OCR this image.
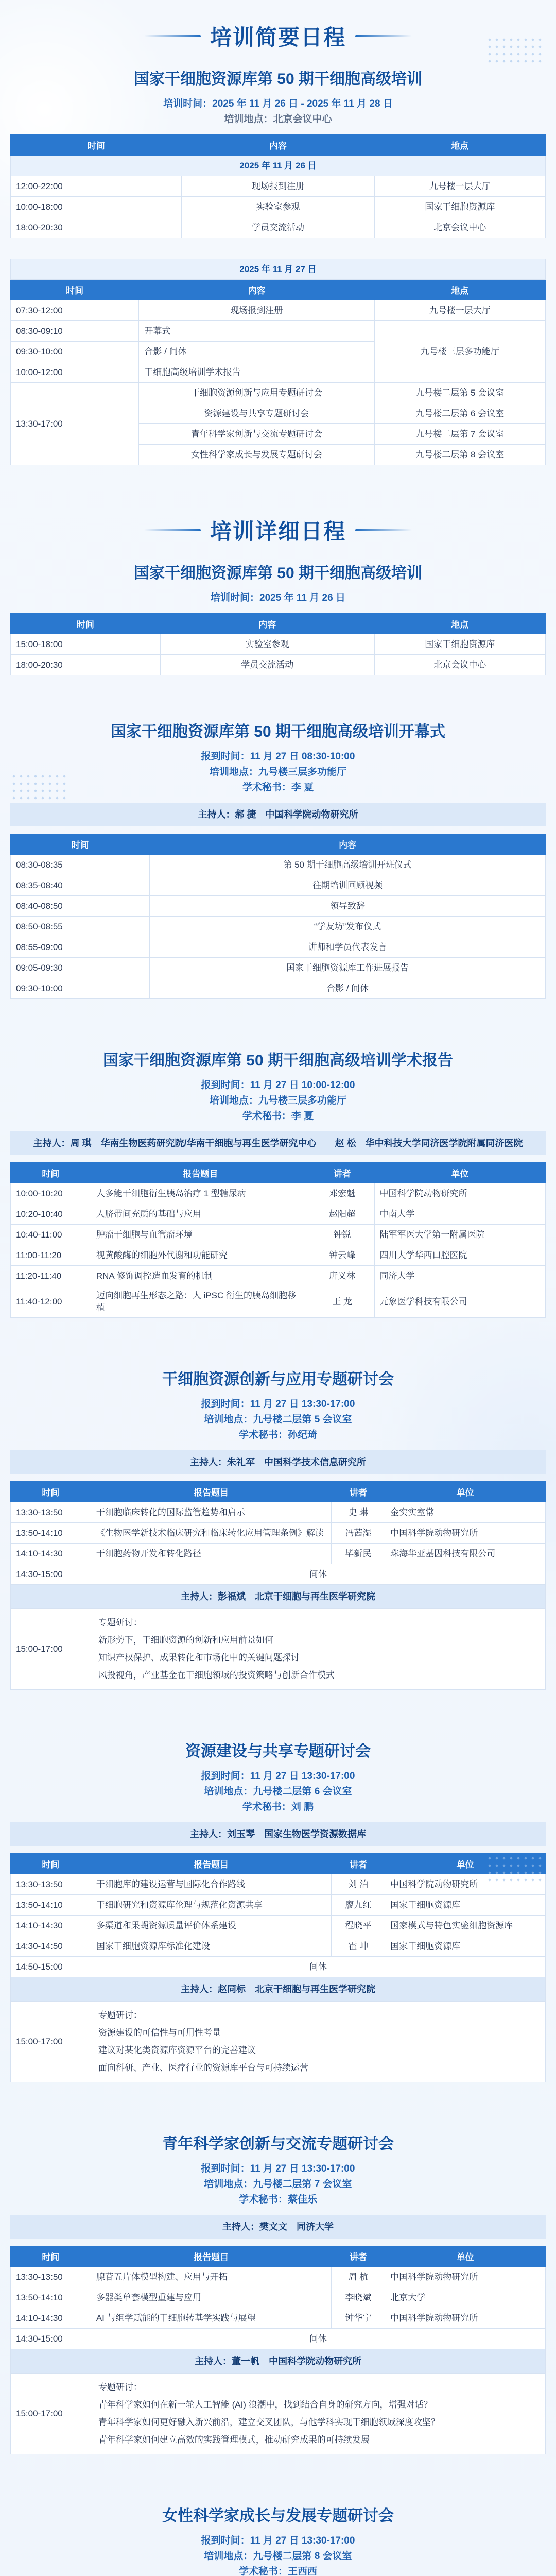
培训简要日程
国家干细胞资源库第 50 期干细胞高级培训
培训时间：2025 年 11 月 26 日 - 2025 年 11 月 28 日
培训地点：北京会议中心
时间	内容	地点
2025 年 11 月 26 日		
12:00-22:00	现场报到注册	九号楼一层大厅
10:00-18:00	实验室参观	国家干细胞资源库
18:00-20:30	学员交流活动	北京会议中心
2025 年 11 月 27 日		
时间	内容	地点
07:30-12:00	现场报到注册	九号楼一层大厅
08:30-09:10	开幕式	九号楼三层多功能厅
09:30-10:00	合影 / 间休	
10:00-12:00	干细胞高级培训学术报告	
13:30-17:00	干细胞资源创新与应用专题研讨会	九号楼二层第 5 会议室
	资源建设与共享专题研讨会	九号楼二层第 6 会议室
	青年科学家创新与交流专题研讨会	九号楼二层第 7 会议室
	女性科学家成长与发展专题研讨会	九号楼二层第 8 会议室
培训详细日程
国家干细胞资源库第 50 期干细胞高级培训
培训时间：2025 年 11 月 26 日
时间	内容	地点
15:00-18:00	实验室参观	国家干细胞资源库
18:00-20:30	学员交流活动	北京会议中心
国家干细胞资源库第 50 期干细胞高级培训开幕式
报到时间：11 月 27 日 08:30-10:00
培训地点：九号楼三层多功能厅
学术秘书：李 夏
主持人：郝 捷　中国科学院动物研究所
时间	内容
08:30-08:35	第 50 期干细胞高级培训开班仪式
08:35-08:40	往期培训回顾视频
08:40-08:50	领导致辞
08:50-08:55	“学友坊”发布仪式
08:55-09:00	讲师和学员代表发言
09:05-09:30	国家干细胞资源库工作进展报告
09:30-10:00	合影 / 间休
国家干细胞资源库第 50 期干细胞高级培训学术报告
报到时间：11 月 27 日 10:00-12:00
培训地点：九号楼三层多功能厅
学术秘书：李 夏
主持人：周 琪　华南生物医药研究院/华南干细胞与再生医学研究中心　　赵 松　华中科技大学同济医学院附属同济医院
时间	报告题目	讲者	单位
10:00-10:20	人多能干细胞衍生胰岛治疗 1 型糖尿病	邓宏魁	中国科学院动物研究所
10:20-10:40	人脐带间充质的基础与应用	赵阳超	中南大学
10:40-11:00	肿瘤干细胞与血管瘤环境	钟锐	陆军军医大学第一附属医院
11:00-11:20	视黄酸酶的细胞外代谢和功能研究	钟云峰	四川大学华西口腔医院
11:20-11:40	RNA 修饰调控造血发育的机制	唐义林	同济大学
11:40-12:00	迈向细胞再生形态之路：人 iPSC 衍生的胰岛细胞移植	王 龙	元象医学科技有限公司
干细胞资源创新与应用专题研讨会
报到时间：11 月 27 日 13:30-17:00
培训地点：九号楼二层第 5 会议室
学术秘书：孙纪琦
主持人：朱礼军　中国科学技术信息研究所
时间	报告题目	讲者	单位
13:30-13:50	干细胞临床转化的国际监管趋势和启示	史 琳	金实实室常
13:50-14:10	《生物医学新技术临床研究和临床转化应用管理条例》解读	冯茜湿	中国科学院动物研究所
14:10-14:30	干细胞药物开发和转化路径	毕新民	珠海华亚基因科技有限公司
14:30-15:00	间休		
主持人：彭福斌　北京干细胞与再生医学研究院			
15:00-17:00	专题研讨：

新形势下，干细胞资源的创新和应用前景如何

知识产权保护、成果转化和市场化中的关键问题探讨

风投视角，产业基金在干细胞领域的投资策略与创新合作模式		

资源建设与共享专题研讨会
报到时间：11 月 27 日 13:30-17:00
培训地点：九号楼二层第 6 会议室
学术秘书：刘 鹏
主持人：刘玉琴　国家生物医学资源数据库
时间	报告题目	讲者	单位
13:30-13:50	干细胞库的建设运营与国际化合作路线	刘 泊	中国科学院动物研究所
13:50-14:10	干细胞研究和资源库伦理与规范化资源共享	廖九红	国家干细胞资源库
14:10-14:30	多渠道和果蝇资源质量评价体系建设	程晓平	国家模式与特色实验细胞资源库
14:30-14:50	国家干细胞资源库标准化建设	霍 坤	国家干细胞资源库
14:50-15:00	间休		
主持人：赵同标　北京干细胞与再生医学研究院			
15:00-17:00	专题研讨：

资源建设的可信性与可用性考量

建议对某化类资源库资源平台的完善建议

面向科研、产业、医疗行业的资源库平台与可持续运营		

青年科学家创新与交流专题研讨会
报到时间：11 月 27 日 13:30-17:00
培训地点：九号楼二层第 7 会议室
学术秘书：蔡佳乐
主持人：樊文文　同济大学
时间	报告题目	讲者	单位
13:30-13:50	腺苷五片体模型构建、应用与开拓	周 杭	中国科学院动物研究所
13:50-14:10	多器类单套模型重建与应用	李晓斌	北京大学
14:10-14:30	AI 与组学赋能的干细胞转基学实践与展望	钟华宁	中国科学院动物研究所
14:30-15:00	间休		
主持人：董一帆　中国科学院动物研究所			
15:00-17:00	专题研讨：

青年科学家如何在新一轮人工智能 (AI) 浪潮中，找到结合自身的研究方向，增强对话？

青年科学家如何更好融入新兴前沿，建立交叉团队，与他学科实现干细胞领域深度攻坚？

青年科学家如何建立高效的实践管理模式，推动研究成果的可持续发展		

女性科学家成长与发展专题研讨会
报到时间：11 月 27 日 13:30-17:00
培训地点：九号楼二层第 8 会议室
学术秘书：王西西
